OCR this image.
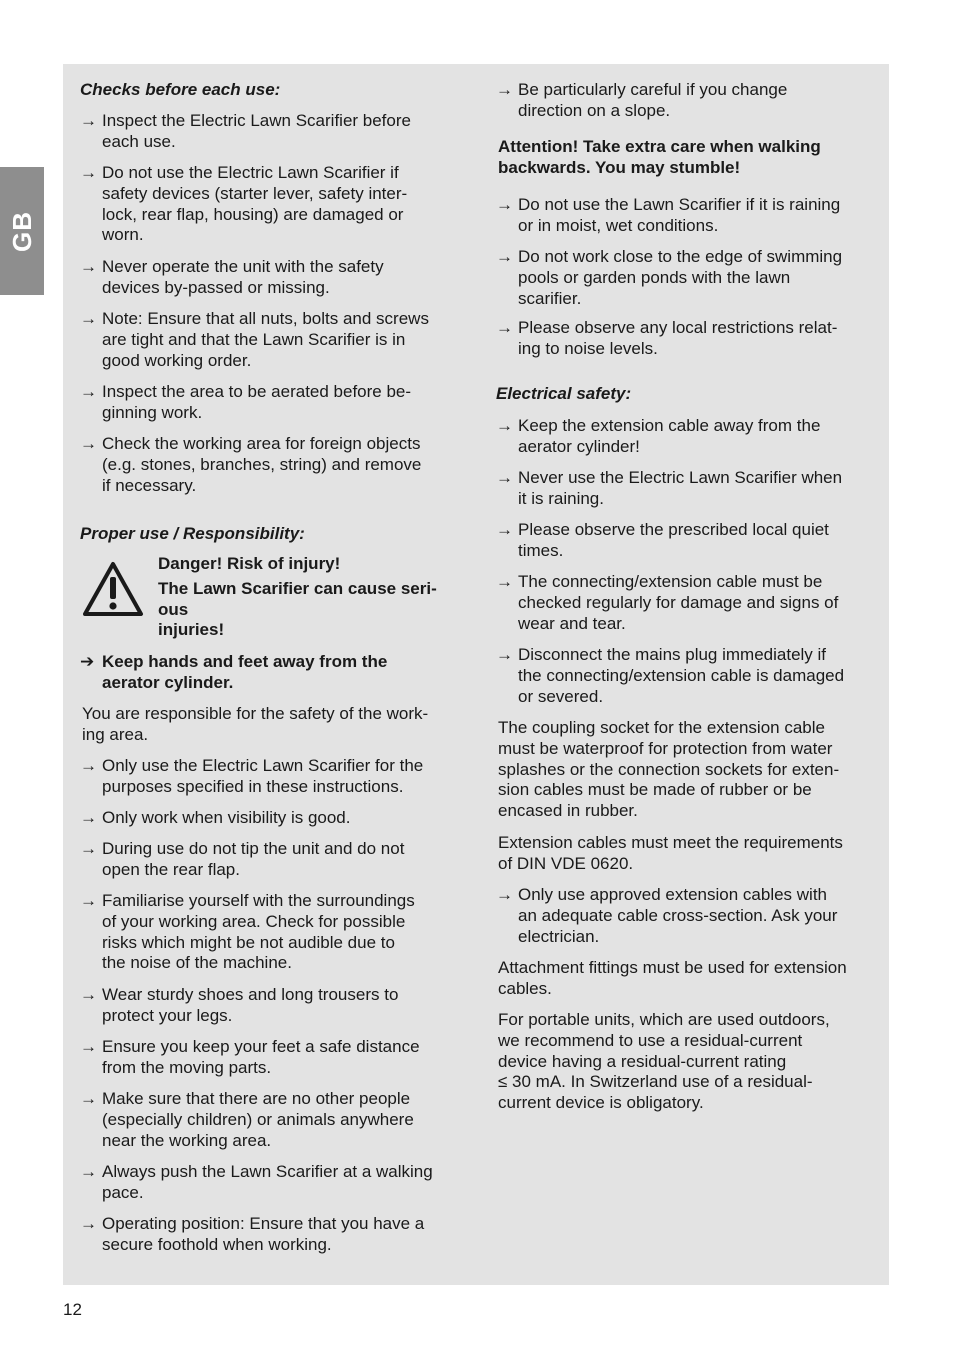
GB
Checks before each use:
→ Inspect the Electric Lawn Scarifier before
each use.
→ Do not use the Electric Lawn Scarifier if
safety devices (starter lever, safety inter-
lock, rear flap, housing) are damaged or
worn.
→ Never operate the unit with the safety
devices by-passed or missing.
→ Note: Ensure that all nuts, bolts and screws
are tight and that the Lawn Scarifier is in
good working order.
→ Inspect the area to be aerated before be-
ginning work.
→ Check the working area for foreign objects
(e.g. stones, branches, string) and remove
if necessary.
Proper use / Responsibility:
Danger! Risk of injury!
The Lawn Scarifier can cause seri-
ous
injuries!
➔ Keep hands and feet away from the
aerator cylinder.
You are responsible for the safety of the work-
ing area.
→ Only use the Electric Lawn Scarifier for the
purposes specified in these instructions.
→ Only work when visibility is good.
→ During use do not tip the unit and do not
open the rear flap.
→ Familiarise yourself with the surroundings
of your working area. Check for possible
risks which might be not audible due to
the noise of the machine.
→ Wear sturdy shoes and long trousers to
protect your legs.
→ Ensure you keep your feet a safe distance
from the moving parts.
→ Make sure that there are no other people
(especially children) or animals anywhere
near the working area.
→ Always push the Lawn Scarifier at a walking
pace.
→ Operating position: Ensure that you have a
secure foothold when working.
→ Be particularly careful if you change
direction on a slope.
Attention! Take extra care when walking
backwards. You may stumble!
→ Do not use the Lawn Scarifier if it is raining
or in moist, wet conditions.
→ Do not work close to the edge of swimming
pools or garden ponds with the lawn
scarifier.
→ Please observe any local restrictions relat-
ing to noise levels.
Electrical safety:
→ Keep the extension cable away from the
aerator cylinder!
→ Never use the Electric Lawn Scarifier when
it is raining.
→ Please observe the prescribed local quiet
times.
→ The connecting/extension cable must be
checked regularly for damage and signs of
wear and tear.
→ Disconnect the mains plug immediately if
the connecting/extension cable is damaged
or severed.
The coupling socket for the extension cable
must be waterproof for protection from water
splashes or the connection sockets for exten-
sion cables must be made of rubber or be
encased in rubber.
Extension cables must meet the requirements
of DIN VDE 0620.
→ Only use approved extension cables with
an adequate cable cross-section. Ask your
electrician.
Attachment fittings must be used for extension
cables.
For portable units, which are used outdoors,
we recommend to use a residual-current
device having a residual-current rating
≤ 30 mA. In Switzerland use of a residual-
current device is obligatory.
12
